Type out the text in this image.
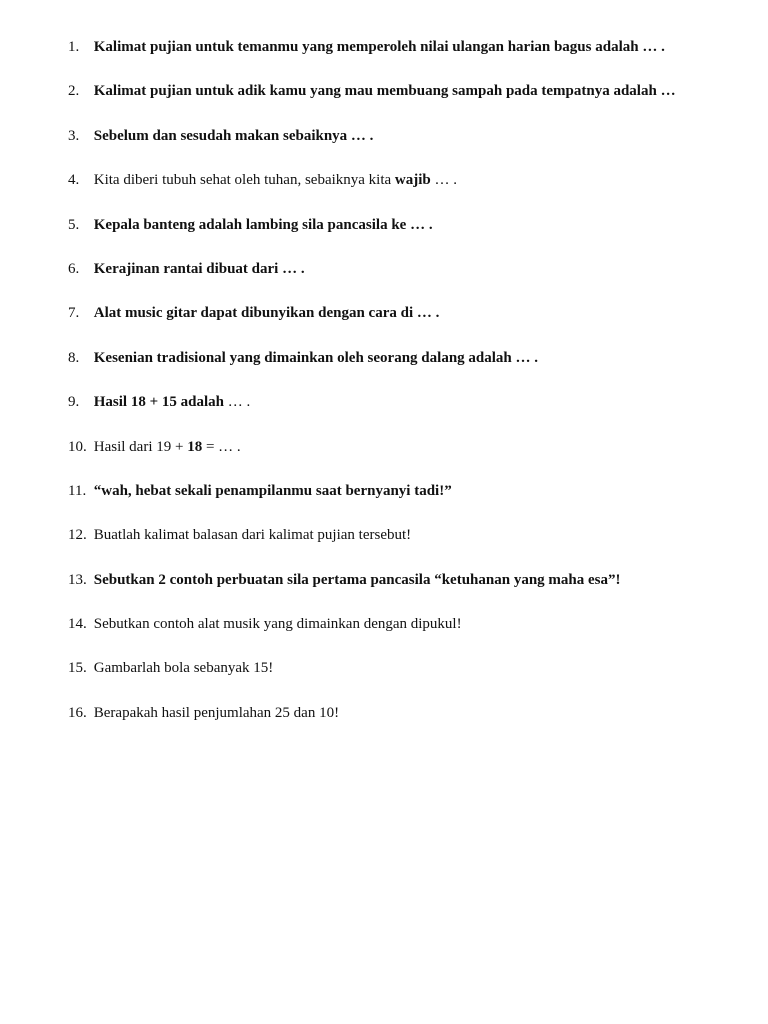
1. Kalimat pujian untuk temanmu yang memperoleh nilai ulangan harian bagus adalah … .
2. Kalimat pujian untuk adik kamu yang mau membuang sampah pada tempatnya adalah …
3. Sebelum dan sesudah makan sebaiknya … .
4. Kita diberi tubuh sehat oleh tuhan, sebaiknya kita wajib … .
5. Kepala banteng adalah lambing sila pancasila ke … .
6. Kerajinan rantai dibuat dari … .
7. Alat music gitar dapat dibunyikan dengan cara di … .
8. Kesenian tradisional yang dimainkan oleh seorang dalang adalah … .
9. Hasil 18 + 15 adalah … .
10. Hasil dari 19 + 18 = … .
11. “wah, hebat sekali penampilanmu saat bernyanyi tadi!”
12. Buatlah kalimat balasan dari kalimat pujian tersebut!
13. Sebutkan 2 contoh perbuatan sila pertama pancasila “ketuhanan yang maha esa”!
14. Sebutkan contoh alat musik yang dimainkan dengan dipukul!
15. Gambarlah bola sebanyak 15!
16. Berapakah hasil penjumlahan 25 dan 10!
